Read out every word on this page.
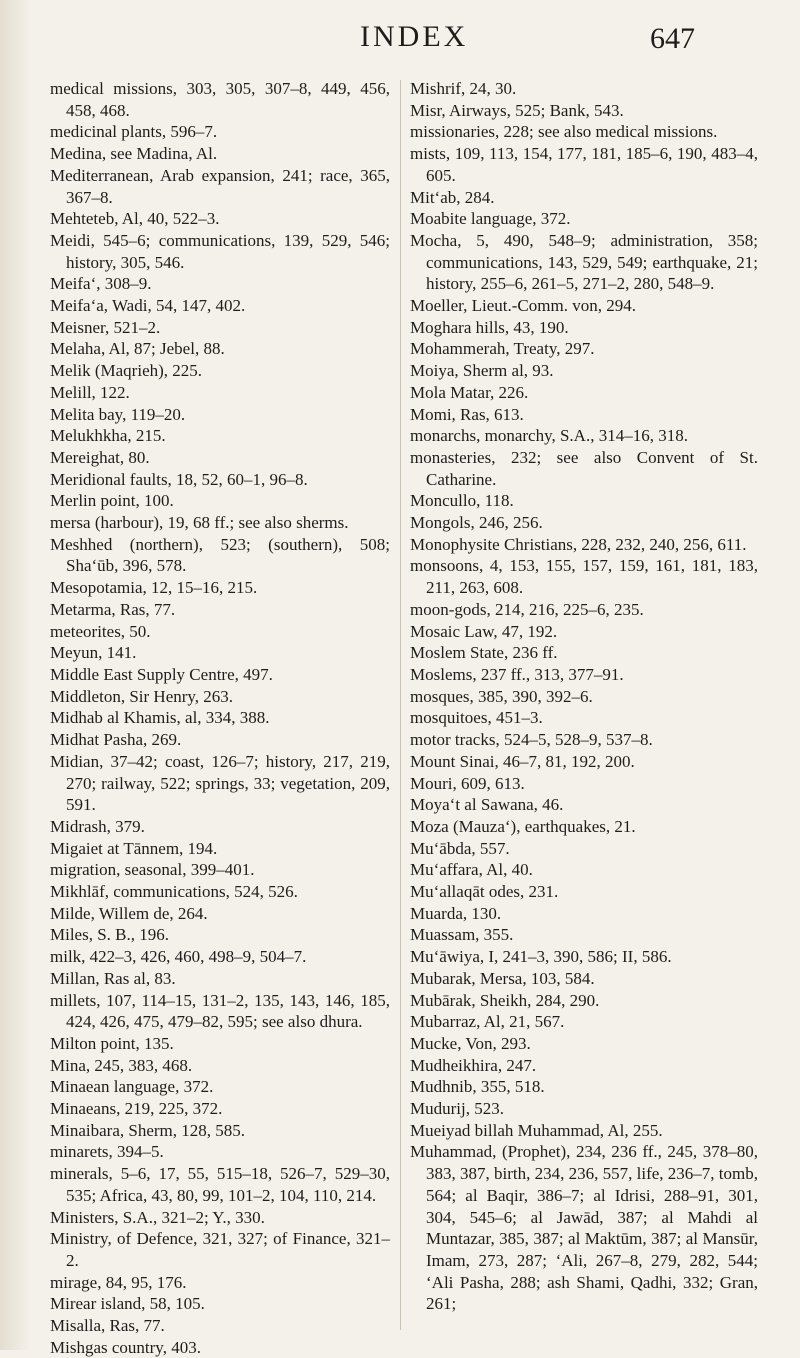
INDEX	647

medical missions, 303, 305, 307–8, 449, 456, 458, 468.

medicinal plants, 596–7.

Medina, see Madina, Al.

Mediterranean, Arab expansion, 241; race, 365, 367–8.

Mehteteb, Al, 40, 522–3.

Meidi, 545–6; communications, 139, 529, 546; history, 305, 546.

Meifa‘, 308–9.

Meifa‘a, Wadi, 54, 147, 402.

Meisner, 521–2.

Melaha, Al, 87; Jebel, 88.

Melik (Maqrieh), 225.

Melill, 122.

Melita bay, 119–20.

Melukhkha, 215.

Mereighat, 80.

Meridional faults, 18, 52, 60–1, 96–8.

Merlin point, 100.

mersa (harbour), 19, 68 ff.; see also sherms.

Meshhed (northern), 523; (southern), 508; Sha‘ūb, 396, 578.

Mesopotamia, 12, 15–16, 215.

Metarma, Ras, 77.

meteorites, 50.

Meyun, 141.

Middle East Supply Centre, 497.

Middleton, Sir Henry, 263.

Midhab al Khamis, al, 334, 388.

Midhat Pasha, 269.

Midian, 37–42; coast, 126–7; history, 217, 219, 270; railway, 522; springs, 33; vegetation, 209, 591.

Midrash, 379.

Migaiet at Tānnem, 194.

migration, seasonal, 399–401.

Mikhlāf, communications, 524, 526.

Milde, Willem de, 264.

Miles, S. B., 196.

milk, 422–3, 426, 460, 498–9, 504–7.

Millan, Ras al, 83.

millets, 107, 114–15, 131–2, 135, 143, 146, 185, 424, 426, 475, 479–82, 595; see also dhura.

Milton point, 135.

Mina, 245, 383, 468.

Minaean language, 372.

Minaeans, 219, 225, 372.

Minaibara, Sherm, 128, 585.

minarets, 394–5.

minerals, 5–6, 17, 55, 515–18, 526–7, 529–30, 535; Africa, 43, 80, 99, 101–2, 104, 110, 214.

Ministers, S.A., 321–2; Y., 330.

Ministry, of Defence, 321, 327; of Finance, 321–2.

mirage, 84, 95, 176.

Mirear island, 58, 105.

Misalla, Ras, 77.

Mishgas country, 403.

Mishrif, 24, 30.

Misr, Airways, 525; Bank, 543.

missionaries, 228; see also medical missions.

mists, 109, 113, 154, 177, 181, 185–6, 190, 483–4, 605.

Mit‘ab, 284.

Moabite language, 372.

Mocha, 5, 490, 548–9; administration, 358; communications, 143, 529, 549; earthquake, 21; history, 255–6, 261–5, 271–2, 280, 548–9.

Moeller, Lieut.-Comm. von, 294.

Moghara hills, 43, 190.

Mohammerah, Treaty, 297.

Moiya, Sherm al, 93.

Mola Matar, 226.

Momi, Ras, 613.

monarchs, monarchy, S.A., 314–16, 318.

monasteries, 232; see also Convent of St. Catharine.

Moncullo, 118.

Mongols, 246, 256.

Monophysite Christians, 228, 232, 240, 256, 611.

monsoons, 4, 153, 155, 157, 159, 161, 181, 183, 211, 263, 608.

moon-gods, 214, 216, 225–6, 235.

Mosaic Law, 47, 192.

Moslem State, 236 ff.

Moslems, 237 ff., 313, 377–91.

mosques, 385, 390, 392–6.

mosquitoes, 451–3.

motor tracks, 524–5, 528–9, 537–8.

Mount Sinai, 46–7, 81, 192, 200.

Mouri, 609, 613.

Moya‘t al Sawana, 46.

Moza (Mauza‘), earthquakes, 21.

Mu‘ābda, 557.

Mu‘affara, Al, 40.

Mu‘allaqāt odes, 231.

Muarda, 130.

Muassam, 355.

Mu‘āwiya, I, 241–3, 390, 586; II, 586.

Mubarak, Mersa, 103, 584.

Mubārak, Sheikh, 284, 290.

Mubarraz, Al, 21, 567.

Mucke, Von, 293.

Mudheikhira, 247.

Mudhnib, 355, 518.

Mudurij, 523.

Mueiyad billah Muhammad, Al, 255.

Muhammad, (Prophet), 234, 236 ff., 245, 378–80, 383, 387, birth, 234, 236, 557, life, 236–7, tomb, 564; al Baqir, 386–7; al Idrisi, 288–91, 301, 304, 545–6; al Jawād, 387; al Mahdi al Muntazar, 385, 387; al Maktūm, 387; al Mansūr, Imam, 273, 287; ‘Ali, 267–8, 279, 282, 544; ‘Ali Pasha, 288; ash Shami, Qadhi, 332; Gran, 261;
